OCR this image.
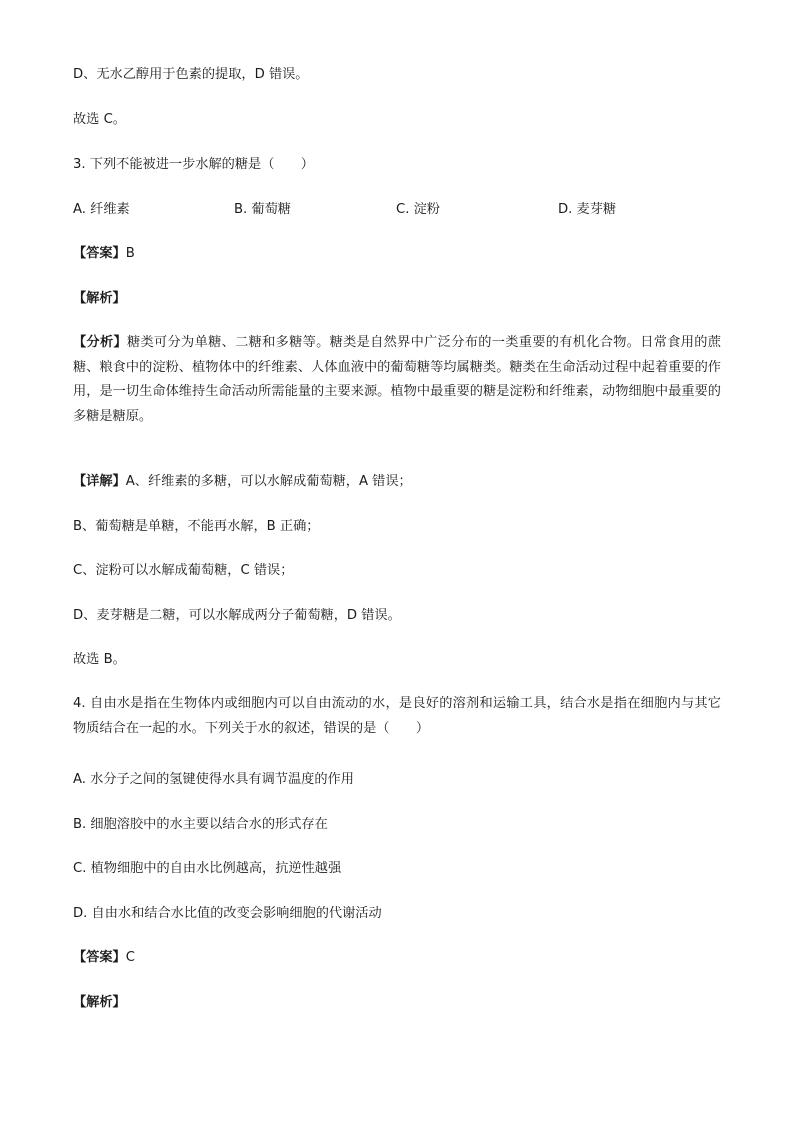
D、无水乙醇用于色素的提取，D 错误。
故选 C。
3. 下列不能被进一步水解的糖是（　　）
A. 纤维素	B. 葡萄糖	C. 淀粉	D. 麦芽糖
【答案】B
【解析】
【分析】糖类可分为单糖、二糖和多糖等。糖类是自然界中广泛分布的一类重要的有机化合物。日常食用的蔗糖、粮食中的淀粉、植物体中的纤维素、人体血液中的葡萄糖等均属糖类。糖类在生命活动过程中起着重要的作用，是一切生命体维持生命活动所需能量的主要来源。植物中最重要的糖是淀粉和纤维素，动物细胞中最重要的多糖是糖原。
【详解】A、纤维素的多糖，可以水解成葡萄糖，A 错误；
B、葡萄糖是单糖，不能再水解，B 正确；
C、淀粉可以水解成葡萄糖，C 错误；
D、麦芽糖是二糖，可以水解成两分子葡萄糖，D 错误。
故选 B。
4. 自由水是指在生物体内或细胞内可以自由流动的水，是良好的溶剂和运输工具，结合水是指在细胞内与其它物质结合在一起的水。下列关于水的叙述，错误的是（　　）
A. 水分子之间的氢键使得水具有调节温度的作用
B. 细胞溶胶中的水主要以结合水的形式存在
C. 植物细胞中的自由水比例越高，抗逆性越强
D. 自由水和结合水比值的改变会影响细胞的代谢活动
【答案】C
【解析】
